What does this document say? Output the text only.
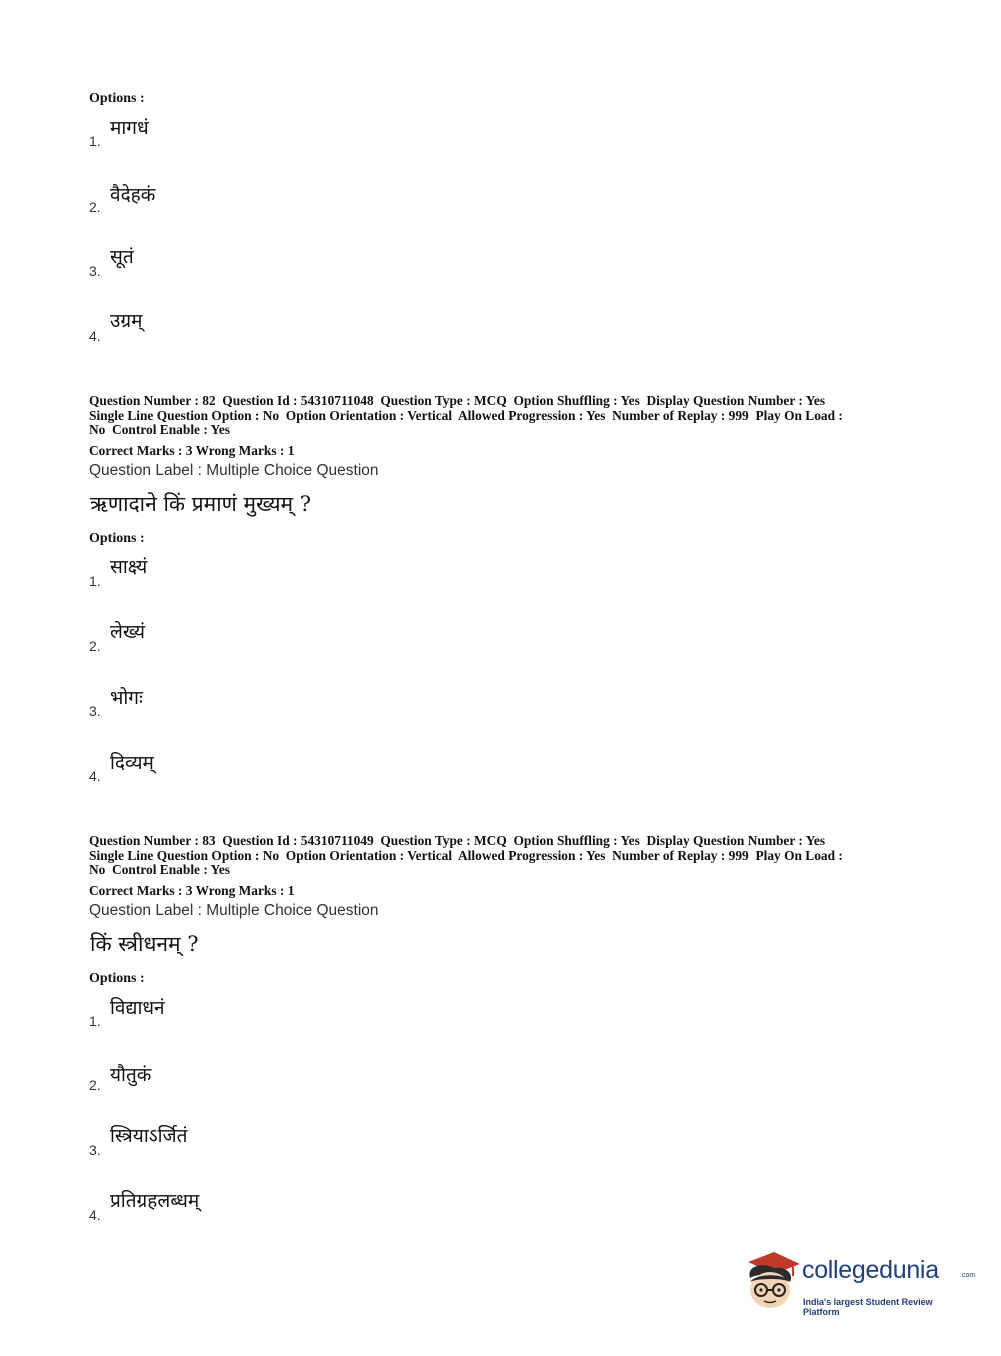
Options :
मागधं
1.
वैदेहकं
2.
सूतं
3.
उग्रम्
4.
Question Number : 82  Question Id : 54310711048  Question Type : MCQ  Option Shuffling : Yes  Display Question Number : Yes
Single Line Question Option : No  Option Orientation : Vertical  Allowed Progression : Yes  Number of Replay : 999  Play On Load :
No  Control Enable : Yes
Correct Marks : 3 Wrong Marks : 1
Question Label : Multiple Choice Question
ऋणादाने किं प्रमाणं मुख्यम् ?
Options :
साक्ष्यं
1.
लेख्यं
2.
भोगः
3.
दिव्यम्
4.
Question Number : 83  Question Id : 54310711049  Question Type : MCQ  Option Shuffling : Yes  Display Question Number : Yes
Single Line Question Option : No  Option Orientation : Vertical  Allowed Progression : Yes  Number of Replay : 999  Play On Load :
No  Control Enable : Yes
Correct Marks : 3 Wrong Marks : 1
Question Label : Multiple Choice Question
किं स्त्रीधनम् ?
Options :
विद्याधनं
1.
यौतुकं
2.
स्त्रियाऽर्जितं
3.
प्रतिग्रहलब्धम्
4.
collegedunia	.com
India's largest Student Review Platform
